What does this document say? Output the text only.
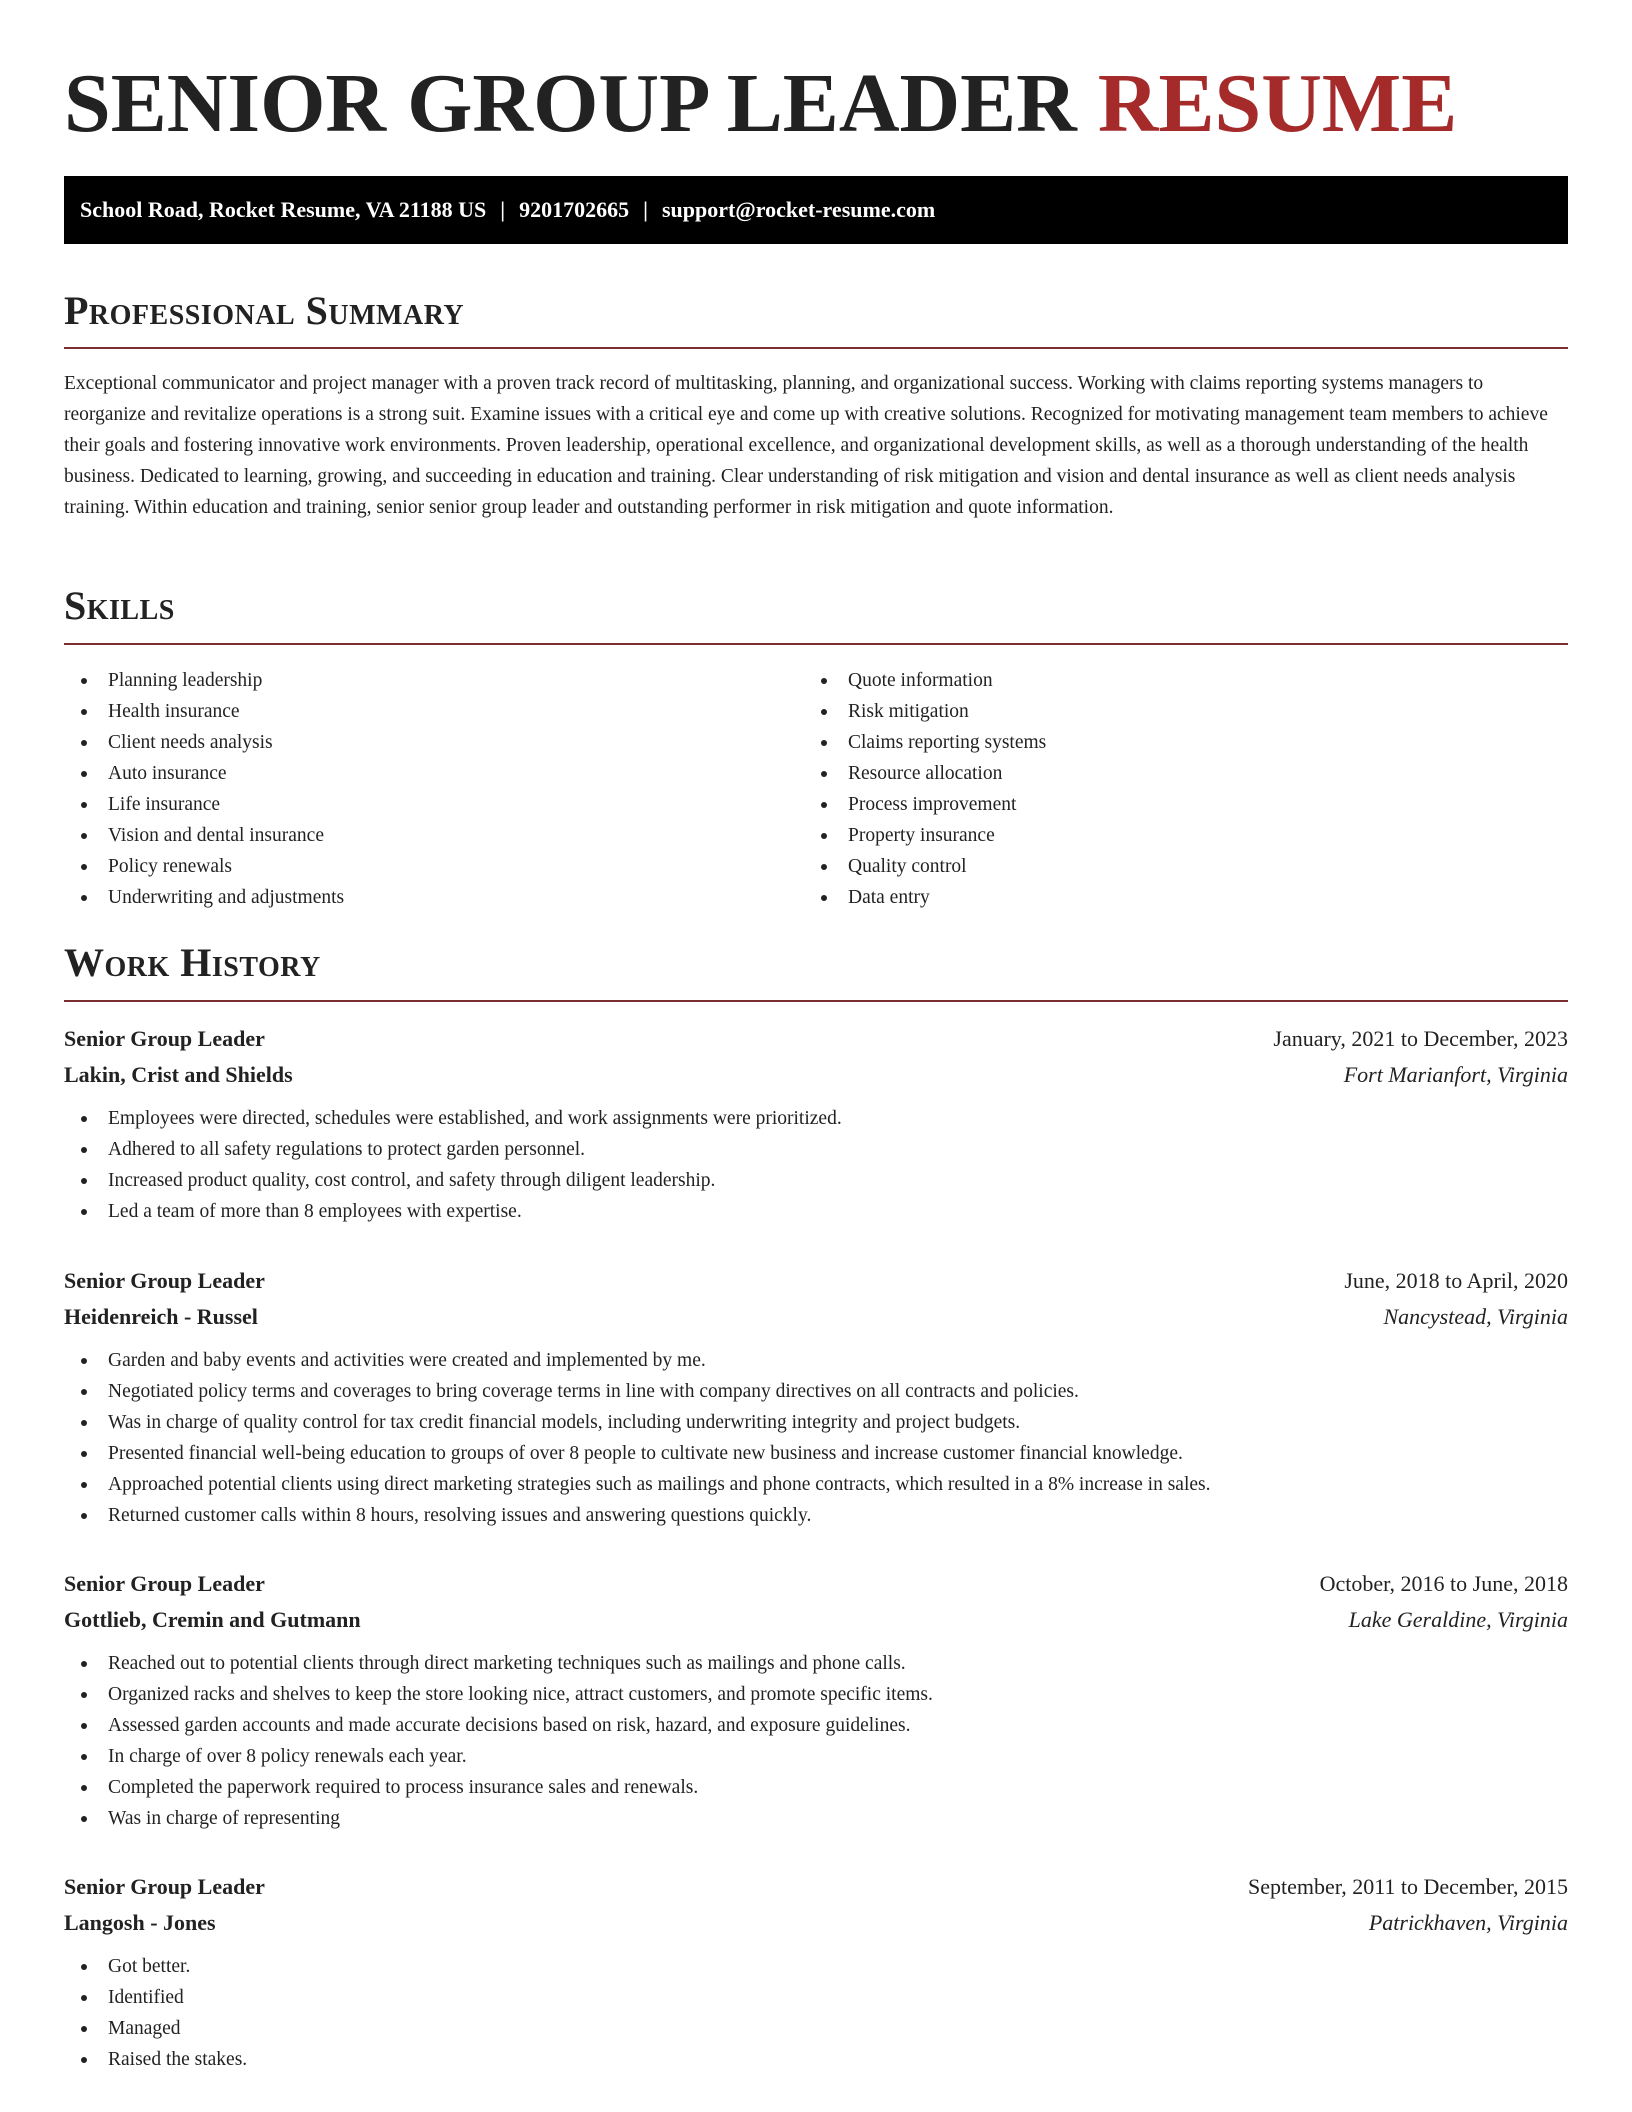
SENIOR GROUP LEADER RESUME
School Road, Rocket Resume, VA 21188 US | 9201702665 | support@rocket-resume.com
Professional Summary

Exceptional communicator and project manager with a proven track record of multitasking, planning, and organizational success. Working with claims reporting systems managers to reorganize and revitalize operations is a strong suit. Examine issues with a critical eye and come up with creative solutions. Recognized for motivating management team members to achieve their goals and fostering innovative work environments. Proven leadership, operational excellence, and organizational development skills, as well as a thorough understanding of the health business. Dedicated to learning, growing, and succeeding in education and training. Clear understanding of risk mitigation and vision and dental insurance as well as client needs analysis training. Within education and training, senior senior group leader and outstanding performer in risk mitigation and quote information.

Skills
Planning leadership
Health insurance
Client needs analysis
Auto insurance
Life insurance
Vision and dental insurance
Policy renewals
Underwriting and adjustments
Quote information
Risk mitigation
Claims reporting systems
Resource allocation
Process improvement
Property insurance
Quality control
Data entry
Work History
Senior Group Leader	January, 2021 to December, 2023
Lakin, Crist and Shields	Fort Marianfort, Virginia
Employees were directed, schedules were established, and work assignments were prioritized.
Adhered to all safety regulations to protect garden personnel.
Increased product quality, cost control, and safety through diligent leadership.
Led a team of more than 8 employees with expertise.
Senior Group Leader	June, 2018 to April, 2020
Heidenreich - Russel	Nancystead, Virginia
Garden and baby events and activities were created and implemented by me.
Negotiated policy terms and coverages to bring coverage terms in line with company directives on all contracts and policies.
Was in charge of quality control for tax credit financial models, including underwriting integrity and project budgets.
Presented financial well-being education to groups of over 8 people to cultivate new business and increase customer financial knowledge.
Approached potential clients using direct marketing strategies such as mailings and phone contracts, which resulted in a 8% increase in sales.
Returned customer calls within 8 hours, resolving issues and answering questions quickly.
Senior Group Leader	October, 2016 to June, 2018
Gottlieb, Cremin and Gutmann	Lake Geraldine, Virginia
Reached out to potential clients through direct marketing techniques such as mailings and phone calls.
Organized racks and shelves to keep the store looking nice, attract customers, and promote specific items.
Assessed garden accounts and made accurate decisions based on risk, hazard, and exposure guidelines.
In charge of over 8 policy renewals each year.
Completed the paperwork required to process insurance sales and renewals.
Was in charge of representing
Senior Group Leader	September, 2011 to December, 2015
Langosh - Jones	Patrickhaven, Virginia
Got better.
Identified
Managed
Raised the stakes.
